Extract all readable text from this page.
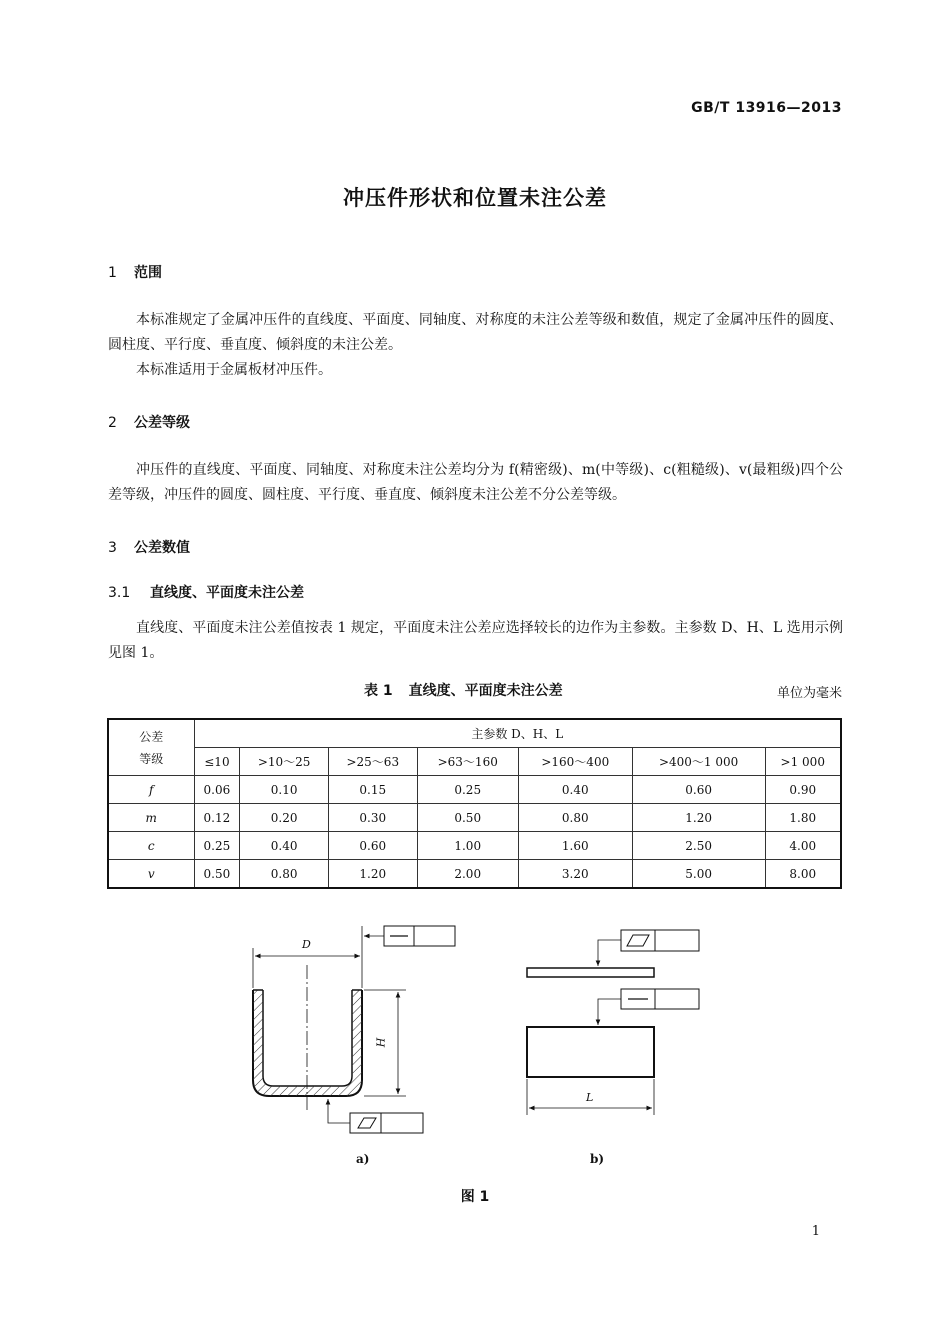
GB/T 13916—2013
冲压件形状和位置未注公差
1 范围

本标准规定了金属冲压件的直线度、平面度、同轴度、对称度的未注公差等级和数值，规定了金属冲压件的圆度、圆柱度、平行度、垂直度、倾斜度的未注公差。

本标准适用于金属板材冲压件。

2 公差等级

冲压件的直线度、平面度、同轴度、对称度未注公差均分为 f(精密级)、m(中等级)、c(粗糙级)、v(最粗级)四个公差等级，冲压件的圆度、圆柱度、平行度、垂直度、倾斜度未注公差不分公差等级。

3 公差数值
3.1 直线度、平面度未注公差

直线度、平面度未注公差值按表 1 规定，平面度未注公差应选择较长的边作为主参数。主参数 D、H、L 选用示例见图 1。

表 1 直线度、平面度未注公差	单位为毫米
公差
等级	主参数 D、H、L						
	≤10	>10～25	>25～63	>63～160	>160～400	>400～1 000	>1 000
f	0.06	0.10	0.15	0.25	0.40	0.60	0.90
m	0.12	0.20	0.30	0.50	0.80	1.20	1.80
c	0.25	0.40	0.60	1.00	1.60	2.50	4.00
v	0.50	0.80	1.20	2.00	3.20	5.00	8.00
D
H
L
a)	b)
图 1
1
